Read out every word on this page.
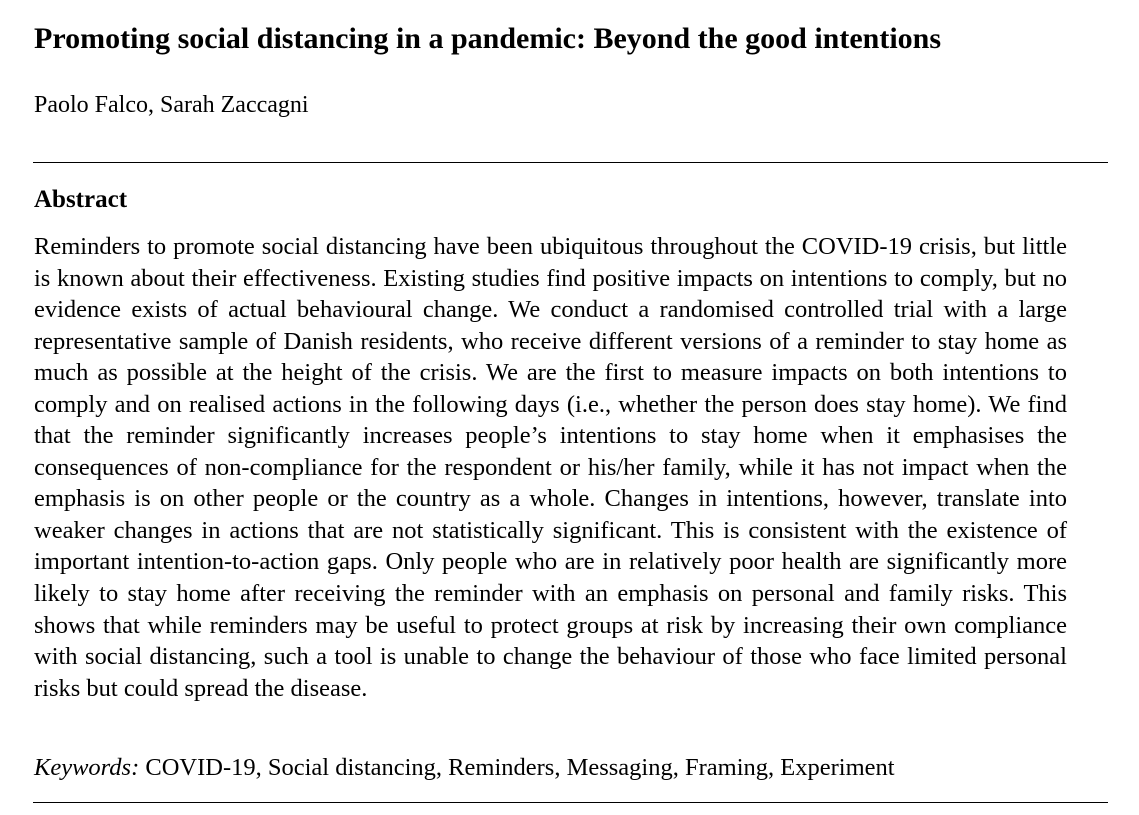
Promoting social distancing in a pandemic: Beyond the good intentions
Paolo Falco, Sarah Zaccagni
Abstract

Reminders to promote social distancing have been ubiquitous throughout the COVID-19 crisis, but little is known about their effectiveness. Existing studies find positive impacts on intentions to comply, but no evidence exists of actual behavioural change. We conduct a randomised controlled trial with a large representative sample of Danish residents, who receive different versions of a reminder to stay home as much as possible at the height of the crisis. We are the first to measure impacts on both intentions to comply and on realised actions in the following days (i.e., whether the person does stay home). We find that the reminder significantly increases people’s intentions to stay home when it emphasises the consequences of non-compliance for the respondent or his/her family, while it has not impact when the emphasis is on other people or the country as a whole. Changes in intentions, however, translate into weaker changes in actions that are not statistically significant. This is consistent with the existence of important intention-to-action gaps. Only people who are in relatively poor health are significantly more likely to stay home after receiving the reminder with an emphasis on personal and family risks. This shows that while reminders may be useful to protect groups at risk by increasing their own compliance with social distancing, such a tool is unable to change the behaviour of those who face limited personal risks but could spread the disease.

Keywords: COVID-19, Social distancing, Reminders, Messaging, Framing, Experiment
